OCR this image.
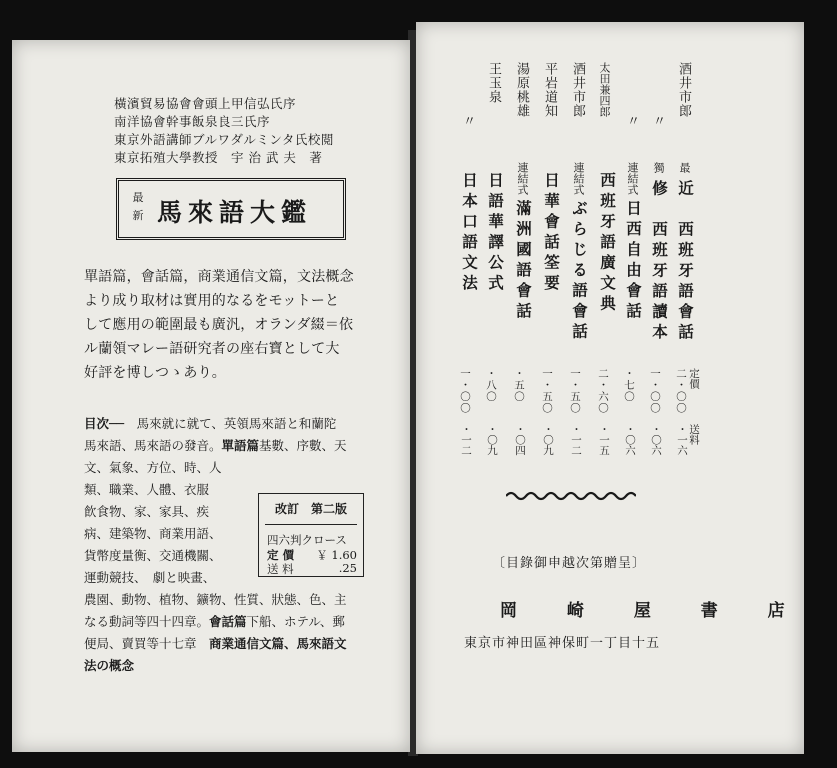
橫濱貿易協會會頭上甲信弘氏序
南洋協會幹事飯泉良三氏序
東京外語講師ブルワダルミンタ氏校閲
東京拓殖大學教授　宇 治 武 夫　著
最
新 馬來語大鑑
單語篇，會話篇，商業通信文篇，文法概念
より成り取材は實用的なるをモットーと
して應用の範圍最も廣汎，オランダ綴＝依
ル蘭領マレー語研究者の座右寶として大
好評を博しつゝあり。
目次──　馬來就に就て、英領馬來語と和蘭陀
馬來語、馬來語の發音。單語篇基數、序數、天
文、氣象、方位、時、人
類、職業、人體、衣服
飮食物、家、家具、疾
病、建築物、商業用語、
貨幣度量衡、交通機關、
運動競技、　劇と映畫、
農園、動物、植物、鑛物、性質、狀態、色、主
なる動詞等四十四章。會話篇下船、ホテル、郵
便局、賣買等十七章　商業通信文篇、馬來語文
法の概念
改訂　第二版
四六判クロース
定 價 ￥ 1.60
送 料	.25
酒井市郎
最
近　西班牙語會話
二・〇〇
・一六
〃
獨
修　西班牙語讀本
一・〇〇
・〇六
〃
連結式
日西自由會話
・七〇
・〇六
太田兼四郎
西班牙語廣文典
二・六〇
・一五
酒井市郎
連結式
ぶらじる語會話
一・五〇
・一二
平岩道知
日華會話筌要
一・五〇
・〇九
湯原桃雄
連結式
滿洲國語會話
・五〇
・〇四
王玉泉
日語華譯公式
・八〇
・〇九
〃
日本口語文法
一・〇〇
・一二
定價
送料
〔目錄御申越次第贈呈〕
岡 崎 屋 書 店
東京市神田區神保町一丁目十五
